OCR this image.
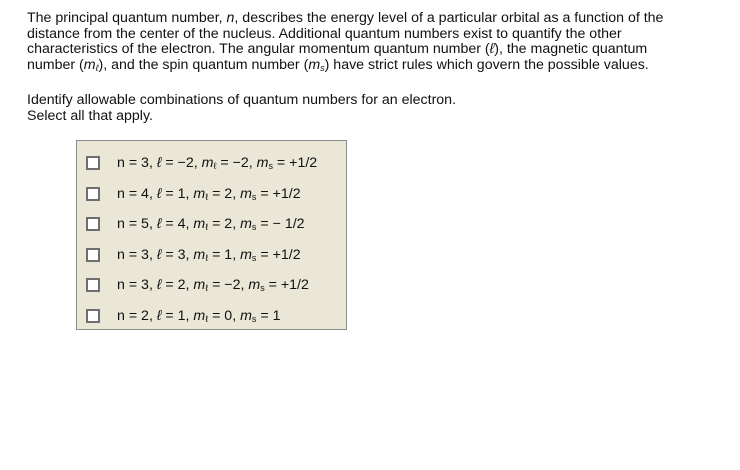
The principal quantum number, n, describes the energy level of a particular orbital as a function of the

distance from the center of the nucleus. Additional quantum numbers exist to quantify the other

characteristics of the electron. The angular momentum quantum number (ℓ), the magnetic quantum

number $(m_\ell)$, and the spin quantum number $(m_s)$ have strict rules which govern the possible values.

Identify allowable combinations of quantum numbers for an electron.

Select all that apply.

n = 3, ℓ = −2, $m_\ell = -2$, $m_s = +1/2$
n = 4, ℓ = 1, $m_\ell = 2$, $m_s = +1/2$
n = 5, ℓ = 4, $m_\ell = 2$, $m_s$ = − 1/2
n = 3, ℓ = 3, $m_\ell = 1$, $m_s = +1/2$
n = 3, ℓ = 2, $m_\ell = -2$, $m_s = +1/2$
n = 2, ℓ = 1, $m_\ell = 0$, $m_s = 1$
